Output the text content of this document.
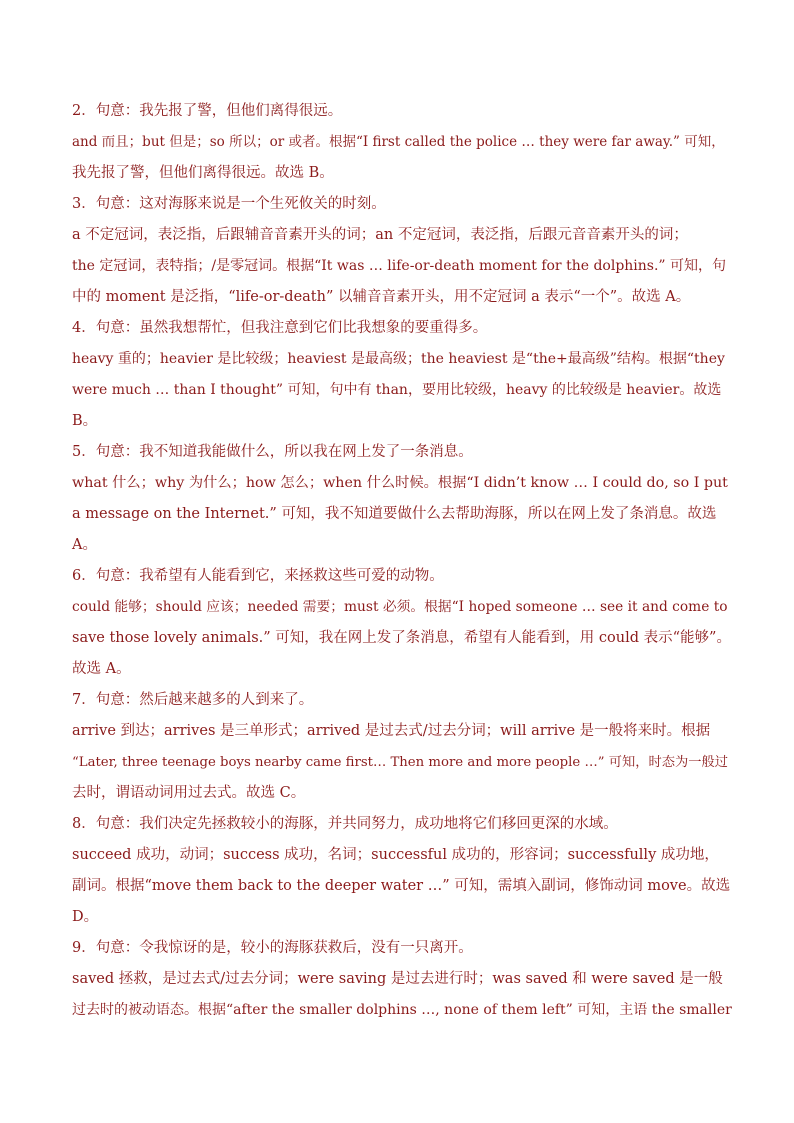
2．句意：我先报了警，但他们离得很远。
and 而且；but 但是；so 所以；or 或者。根据“I first called the police … they were far away.” 可知，
我先报了警，但他们离得很远。故选 B。
3．句意：这对海豚来说是一个生死攸关的时刻。
a 不定冠词，表泛指，后跟辅音音素开头的词；an 不定冠词，表泛指，后跟元音音素开头的词；
the 定冠词，表特指；/是零冠词。根据“It was … life-or-death moment for the dolphins.” 可知，句
中的 moment 是泛指，“life-or-death” 以辅音音素开头，用不定冠词 a 表示“一个”。故选 A。
4．句意：虽然我想帮忙，但我注意到它们比我想象的要重得多。
heavy 重的；heavier 是比较级；heaviest 是最高级；the heaviest 是“the+最高级”结构。根据“they
were much … than I thought” 可知，句中有 than，要用比较级，heavy 的比较级是 heavier。故选
B。
5．句意：我不知道我能做什么，所以我在网上发了一条消息。
what 什么；why 为什么；how 怎么；when 什么时候。根据“I didn’t know … I could do, so I put
a message on the Internet.” 可知，我不知道要做什么去帮助海豚，所以在网上发了条消息。故选
A。
6．句意：我希望有人能看到它，来拯救这些可爱的动物。
could 能够；should 应该；needed 需要；must 必须。根据“I hoped someone … see it and come to
save those lovely animals.” 可知，我在网上发了条消息，希望有人能看到，用 could 表示“能够”。
故选 A。
7．句意：然后越来越多的人到来了。
arrive 到达；arrives 是三单形式；arrived 是过去式/过去分词；will arrive 是一般将来时。根据
“Later, three teenage boys nearby came first… Then more and more people …” 可知，时态为一般过
去时，谓语动词用过去式。故选 C。
8．句意：我们决定先拯救较小的海豚，并共同努力，成功地将它们移回更深的水域。
succeed 成功，动词；success 成功，名词；successful 成功的，形容词；successfully 成功地，
副词。根据“move them back to the deeper water …” 可知，需填入副词，修饰动词 move。故选
D。
9．句意：令我惊讶的是，较小的海豚获救后，没有一只离开。
saved 拯救，是过去式/过去分词；were saving 是过去进行时；was saved 和 were saved 是一般
过去时的被动语态。根据“after the smaller dolphins …, none of them left” 可知，主语 the smaller
